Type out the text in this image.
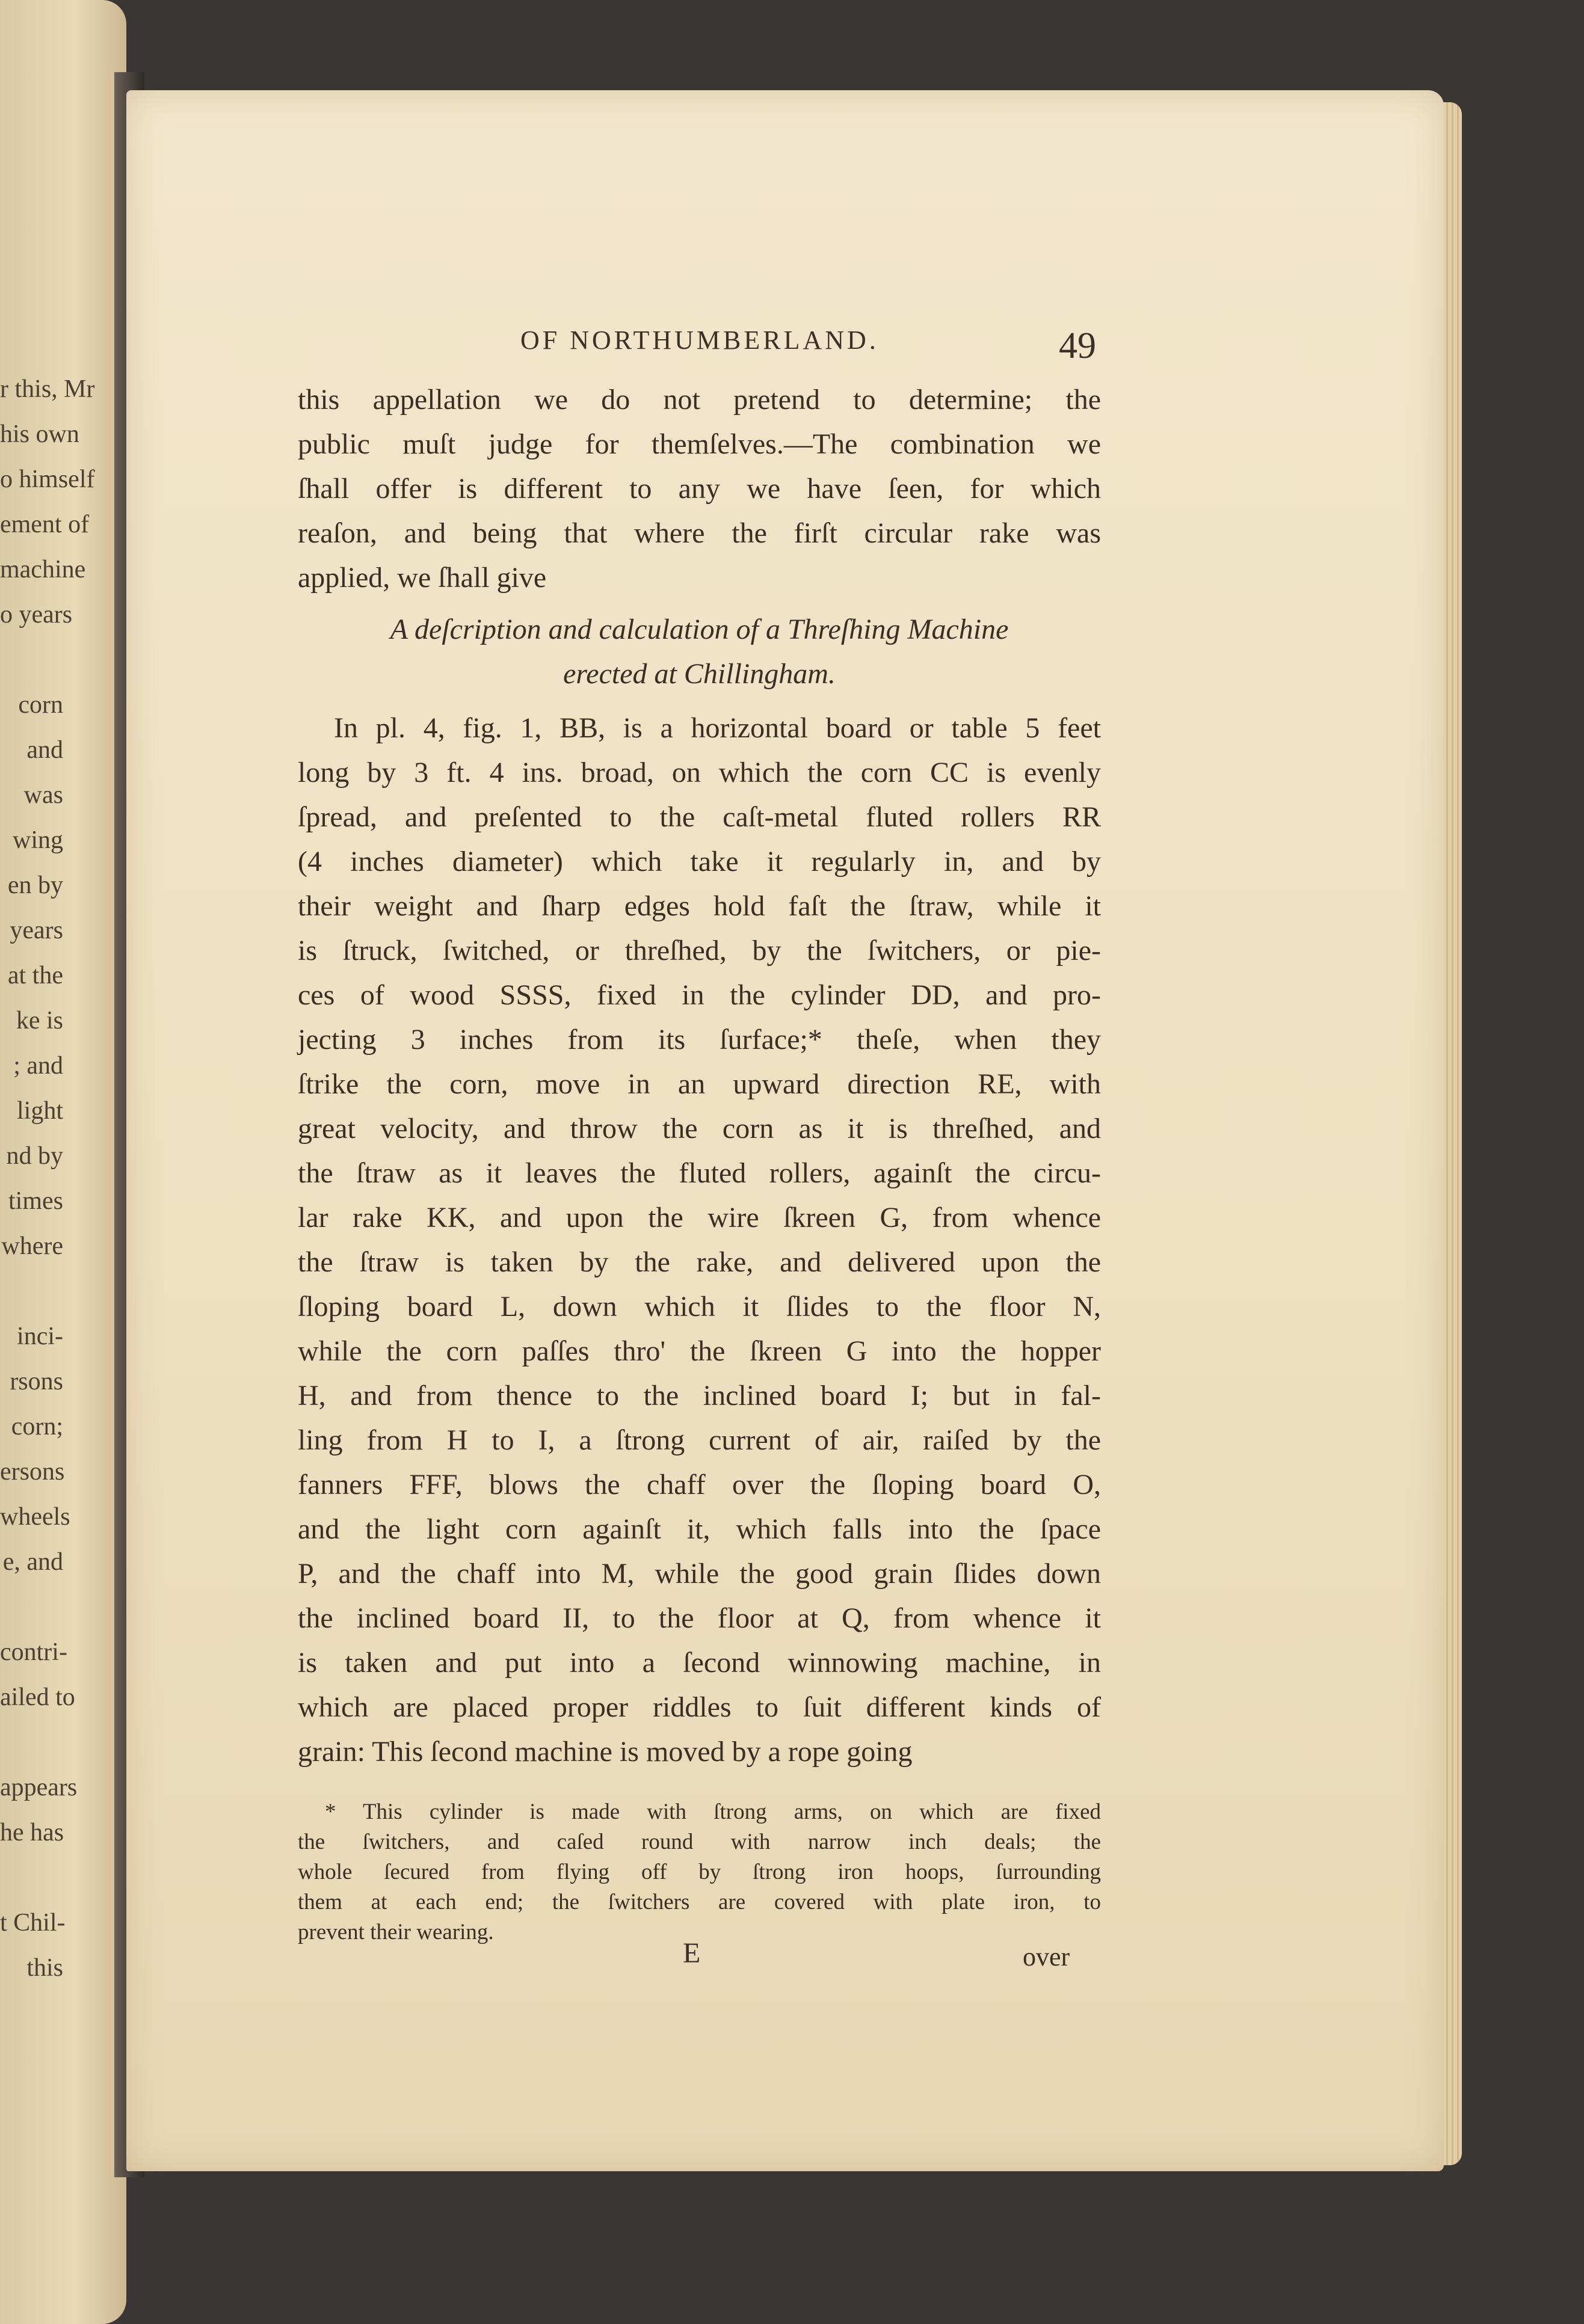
r this, Mr
his own
o himself
ement of
machine
o years
corn
and
was
wing
en by
years
at the
ke is
; and
light
nd by
times
where
inci-
rsons
corn;
ersons
wheels
e, and
contri-
ailed to
appears
he has
t Chil-
this
OF NORTHUMBERLAND.	49
this appellation we do not pretend to determine; the
public muſt judge for themſelves.—The combination we
ſhall offer is different to any we have ſeen, for which
reaſon, and being that where the firſt circular rake was
applied, we ſhall give
A deſcription and calculation of a Threſhing Machine
erected at Chillingham.
In pl. 4, fig. 1, BB, is a horizontal board or table 5 feet
long by 3 ft. 4 ins. broad, on which the corn CC is evenly
ſpread, and preſented to the caſt-metal fluted rollers RR
(4 inches diameter) which take it regularly in, and by
their weight and ſharp edges hold faſt the ſtraw, while it
is ſtruck, ſwitched, or threſhed, by the ſwitchers, or pie-
ces of wood SSSS, fixed in the cylinder DD, and pro-
jecting 3 inches from its ſurface;* theſe, when they
ſtrike the corn, move in an upward direction RE, with
great velocity, and throw the corn as it is threſhed, and
the ſtraw as it leaves the fluted rollers, againſt the circu-
lar rake KK, and upon the wire ſkreen G, from whence
the ſtraw is taken by the rake, and delivered upon the
ſloping board L, down which it ſlides to the floor N,
while the corn paſſes thro' the ſkreen G into the hopper
H, and from thence to the inclined board I; but in fal-
ling from H to I, a ſtrong current of air, raiſed by the
fanners FFF, blows the chaff over the ſloping board O,
and the light corn againſt it, which falls into the ſpace
P, and the chaff into M, while the good grain ſlides down
the inclined board II, to the floor at Q, from whence it
is taken and put into a ſecond winnowing machine, in
which are placed proper riddles to ſuit different kinds of
grain: This ſecond machine is moved by a rope going
* This cylinder is made with ſtrong arms, on which are fixed
the ſwitchers, and caſed round with narrow inch deals; the
whole ſecured from flying off by ſtrong iron hoops, ſurrounding
them at each end; the ſwitchers are covered with plate iron, to
prevent their wearing.
E	over
